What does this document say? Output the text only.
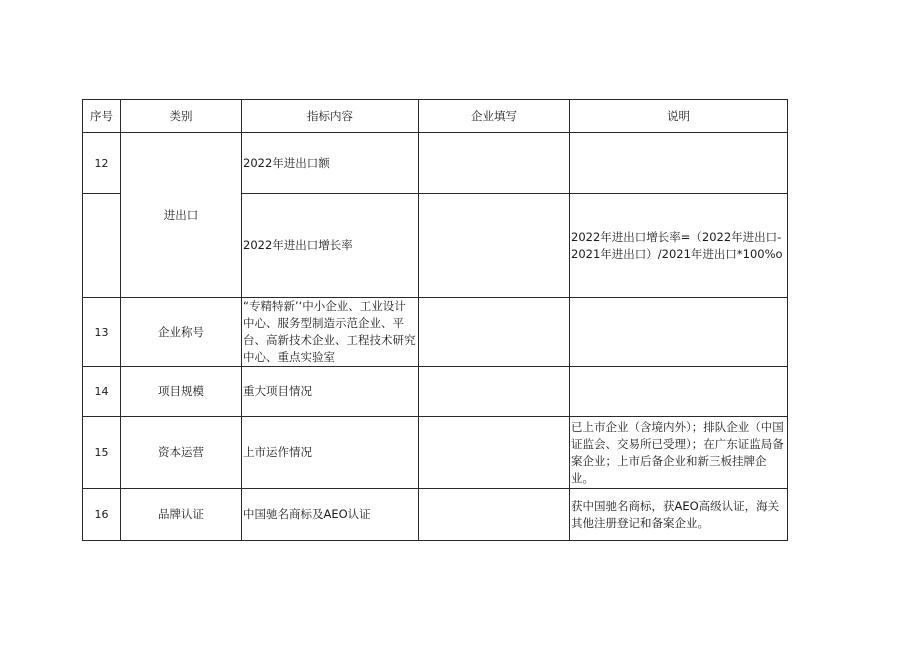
序号	类别	指标内容	企业填写	说明
12	进出口	2022年进出口额		
		2022年进出口增长率		2022年进出口增长率=（2022年进出口-2021年进出口）/2021年进出口*100%o
13	企业称号	“专精特新’‘中小企业、工业设计中心、服务型制造示范企业、平台、高新技术企业、工程技术研究中心、重点实验室		
14	项目规模	重大项目情况		
15	资本运营	上市运作情况		已上市企业（含境内外）；排队企业（中国证监会、交易所已受理）；在广东证监局备案企业；上市后备企业和新三板挂牌企业。
16	品牌认证	中国驰名商标及AEO认证		获中国驰名商标，获AEO高级认证，海关其他注册登记和备案企业。
